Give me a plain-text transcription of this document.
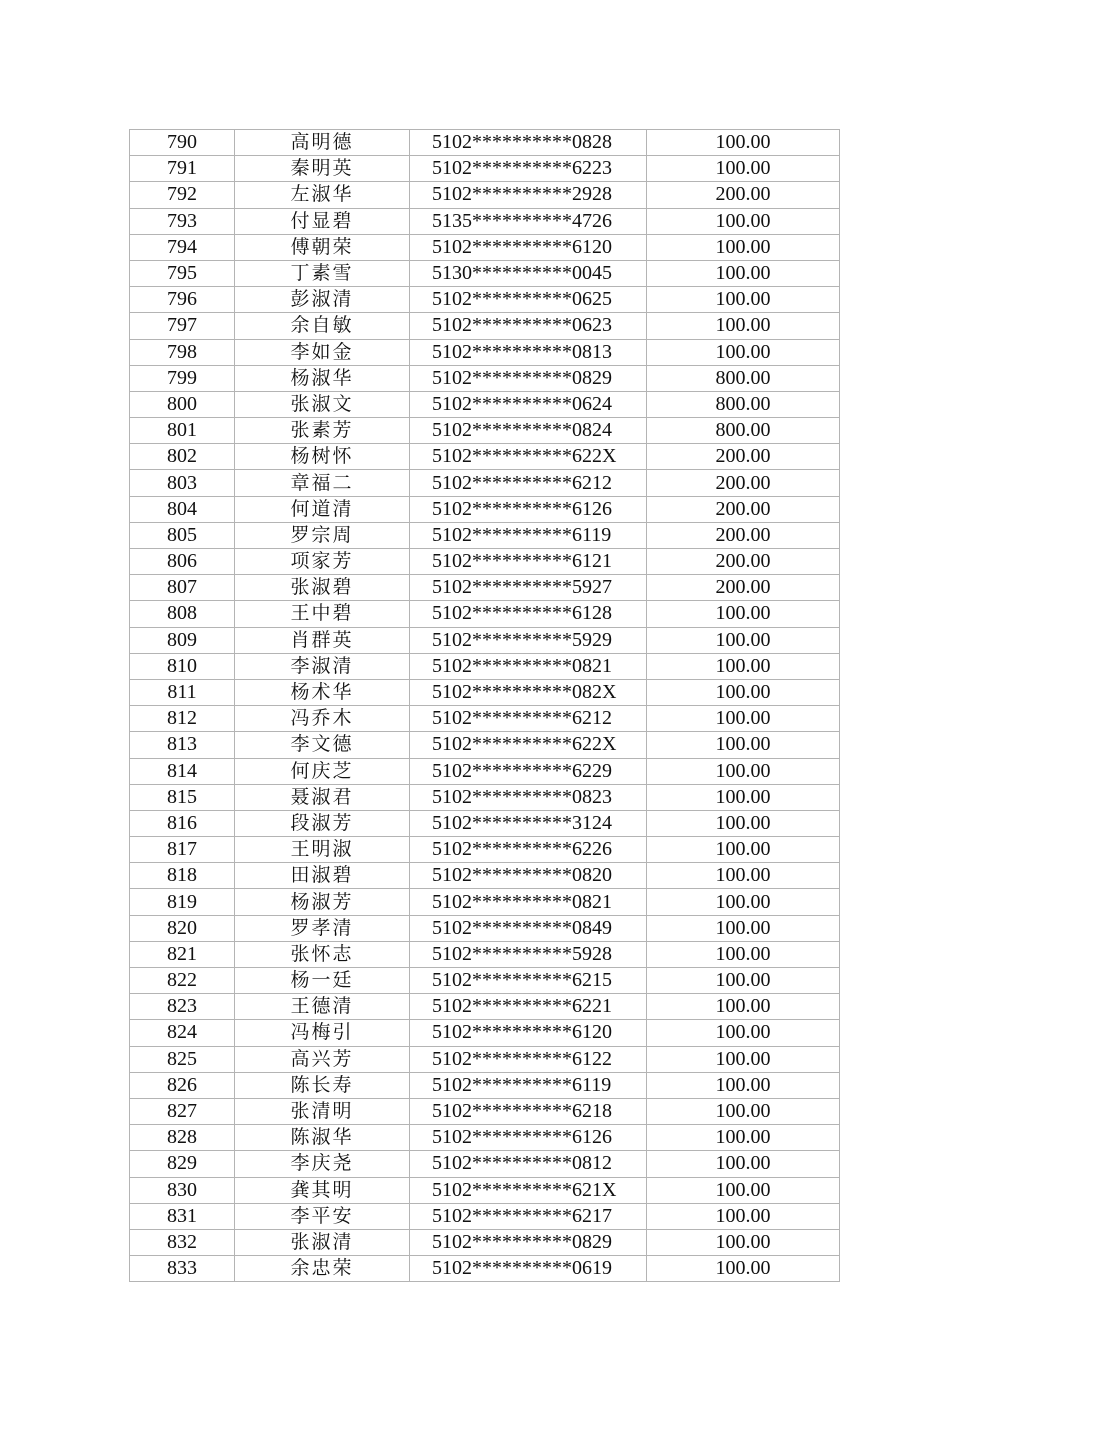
790	高明德	5102**********0828	100.00
791	秦明英	5102**********6223	100.00
792	左淑华	5102**********2928	200.00
793	付显碧	5135**********4726	100.00
794	傅朝荣	5102**********6120	100.00
795	丁素雪	5130**********0045	100.00
796	彭淑清	5102**********0625	100.00
797	余自敏	5102**********0623	100.00
798	李如金	5102**********0813	100.00
799	杨淑华	5102**********0829	800.00
800	张淑文	5102**********0624	800.00
801	张素芳	5102**********0824	800.00
802	杨树怀	5102**********622X	200.00
803	章福二	5102**********6212	200.00
804	何道清	5102**********6126	200.00
805	罗宗周	5102**********6119	200.00
806	项家芳	5102**********6121	200.00
807	张淑碧	5102**********5927	200.00
808	王中碧	5102**********6128	100.00
809	肖群英	5102**********5929	100.00
810	李淑清	5102**********0821	100.00
811	杨术华	5102**********082X	100.00
812	冯乔木	5102**********6212	100.00
813	李文德	5102**********622X	100.00
814	何庆芝	5102**********6229	100.00
815	聂淑君	5102**********0823	100.00
816	段淑芳	5102**********3124	100.00
817	王明淑	5102**********6226	100.00
818	田淑碧	5102**********0820	100.00
819	杨淑芳	5102**********0821	100.00
820	罗孝清	5102**********0849	100.00
821	张怀志	5102**********5928	100.00
822	杨一廷	5102**********6215	100.00
823	王德清	5102**********6221	100.00
824	冯梅引	5102**********6120	100.00
825	高兴芳	5102**********6122	100.00
826	陈长寿	5102**********6119	100.00
827	张清明	5102**********6218	100.00
828	陈淑华	5102**********6126	100.00
829	李庆尧	5102**********0812	100.00
830	龚其明	5102**********621X	100.00
831	李平安	5102**********6217	100.00
832	张淑清	5102**********0829	100.00
833	余忠荣	5102**********0619	100.00
